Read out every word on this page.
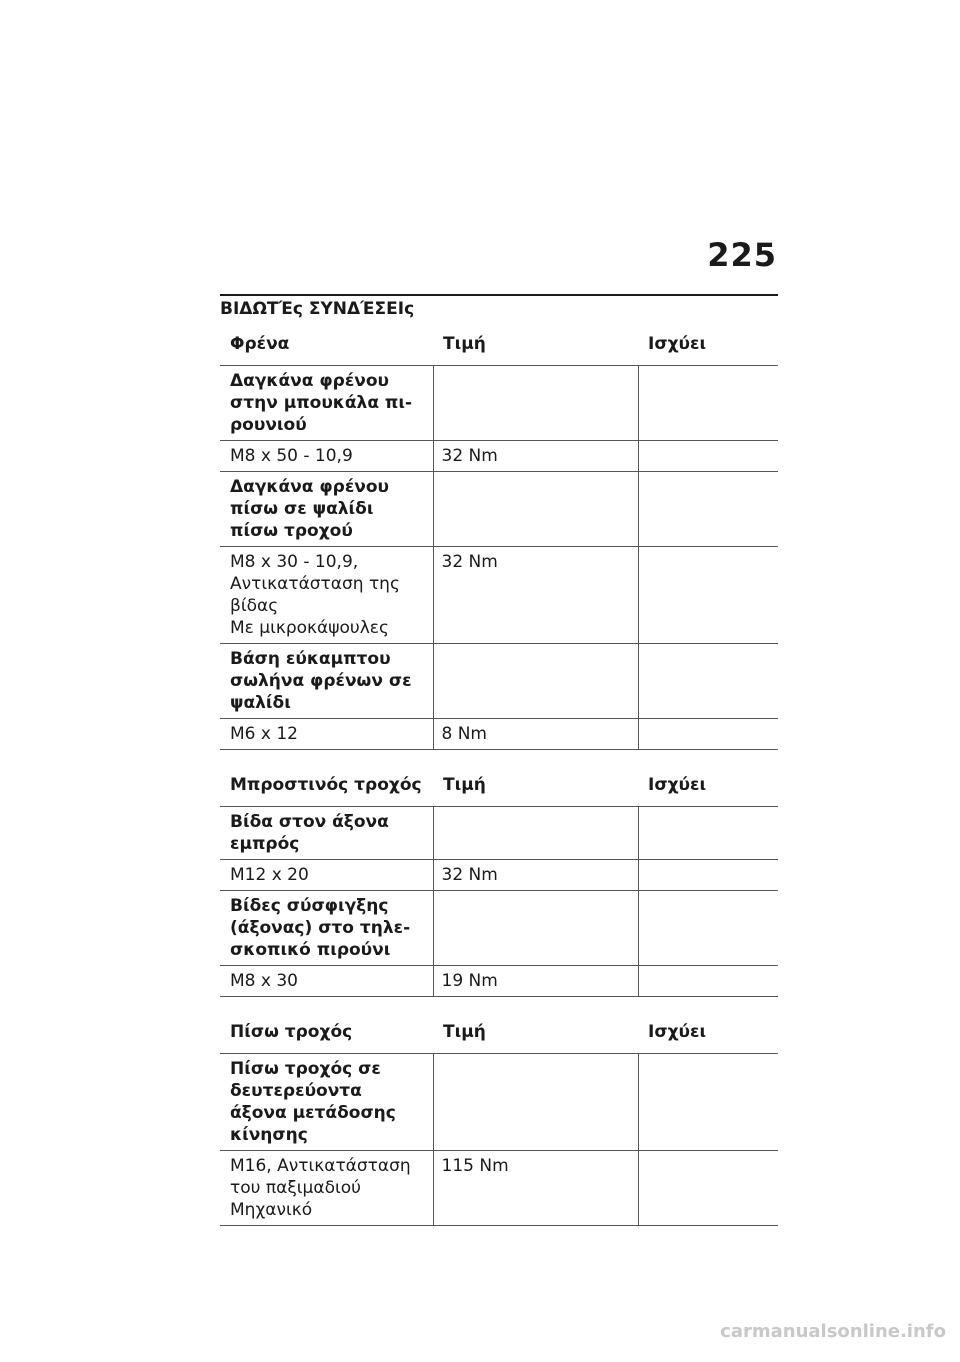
225
ΒΙΔΩΤΈς ΣΥΝΔΈΣΕΙς
Φρένα	Τιμή	Ισχύει
Δαγκάνα φρένου στην μπουκάλα πιρουνιού		

Μ8 x 50 - 10,9	32 Nm	
Δαγκάνα φρένου πίσω σε ψαλίδι πίσω τροχού		

Μ8 x 30 - 10,9, Αντικατάσταση της βίδας
Με μικροκάψουλες	32 Nm	
Βάση εύκαμπτου σωλήνα φρένων σε ψαλίδι		

Μ6 x 12	8 Nm	
Μπροστινός τροχός	Τιμή	Ισχύει
Βίδα στον άξονα εμπρός		

Μ12 x 20	32 Nm	
Βίδες σύσφιγξης (άξονας) στο τηλεσκοπικό πιρούνι		

Μ8 x 30	19 Nm	
Πίσω τροχός	Τιμή	Ισχύει
Πίσω τροχός σε δευτερεύοντα άξονα μετάδοσης κίνησης		

Μ16, Αντικατάσταση
του παξιμαδιού
Μηχανικό	115 Nm	
carmanualsonline.info
